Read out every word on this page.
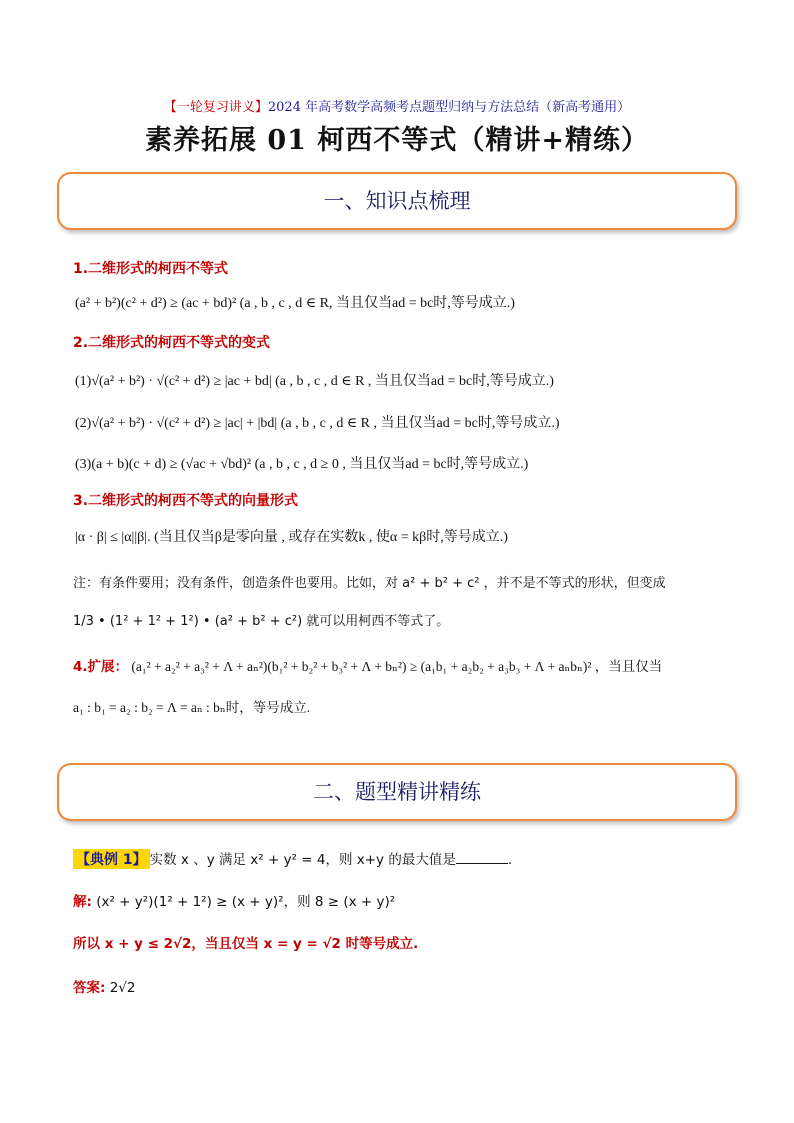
【一轮复习讲义】2024 年高考数学高频考点题型归纳与方法总结（新高考通用）
素养拓展 01 柯西不等式（精讲+精练）
一、知识点梳理
1.二维形式的柯西不等式
(a² + b²)(c² + d²) ≥ (ac + bd)² (a , b , c , d ∈ R, 当且仅当ad = bc时,等号成立.)
2.二维形式的柯西不等式的变式
(1)√(a² + b²) · √(c² + d²) ≥ |ac + bd| (a , b , c , d ∈ R , 当且仅当ad = bc时,等号成立.)
(2)√(a² + b²) · √(c² + d²) ≥ |ac| + |bd| (a , b , c , d ∈ R , 当且仅当ad = bc时,等号成立.)
(3)(a + b)(c + d) ≥ (√ac + √bd)² (a , b , c , d ≥ 0 , 当且仅当ad = bc时,等号成立.)
3.二维形式的柯西不等式的向量形式
|α · β| ≤ |α||β|. (当且仅当β是零向量 , 或存在实数k , 使α = kβ时,等号成立.)
注：有条件要用；没有条件，创造条件也要用。比如，对 a² + b² + c² ，并不是不等式的形状，但变成
1/3 • (1² + 1² + 1²) • (a² + b² + c²) 就可以用柯西不等式了。
4.扩展： (a₁² + a₂² + a₃² + Λ + aₙ²)(b₁² + b₂² + b₃² + Λ + bₙ²) ≥ (a₁b₁ + a₂b₂ + a₃b₃ + Λ + aₙbₙ)² ，当且仅当
a₁ : b₁ = a₂ : b₂ = Λ = aₙ : bₙ时，等号成立.
二、题型精讲精练
【典例 1】 实数 x 、y 满足 x² + y² = 4，则 x+y 的最大值是	.
解: (x² + y²)(1² + 1²) ≥ (x + y)²，则 8 ≥ (x + y)²
所以 x + y ≤ 2√2，当且仅当 x = y = √2 时等号成立.
答案: 2√2
